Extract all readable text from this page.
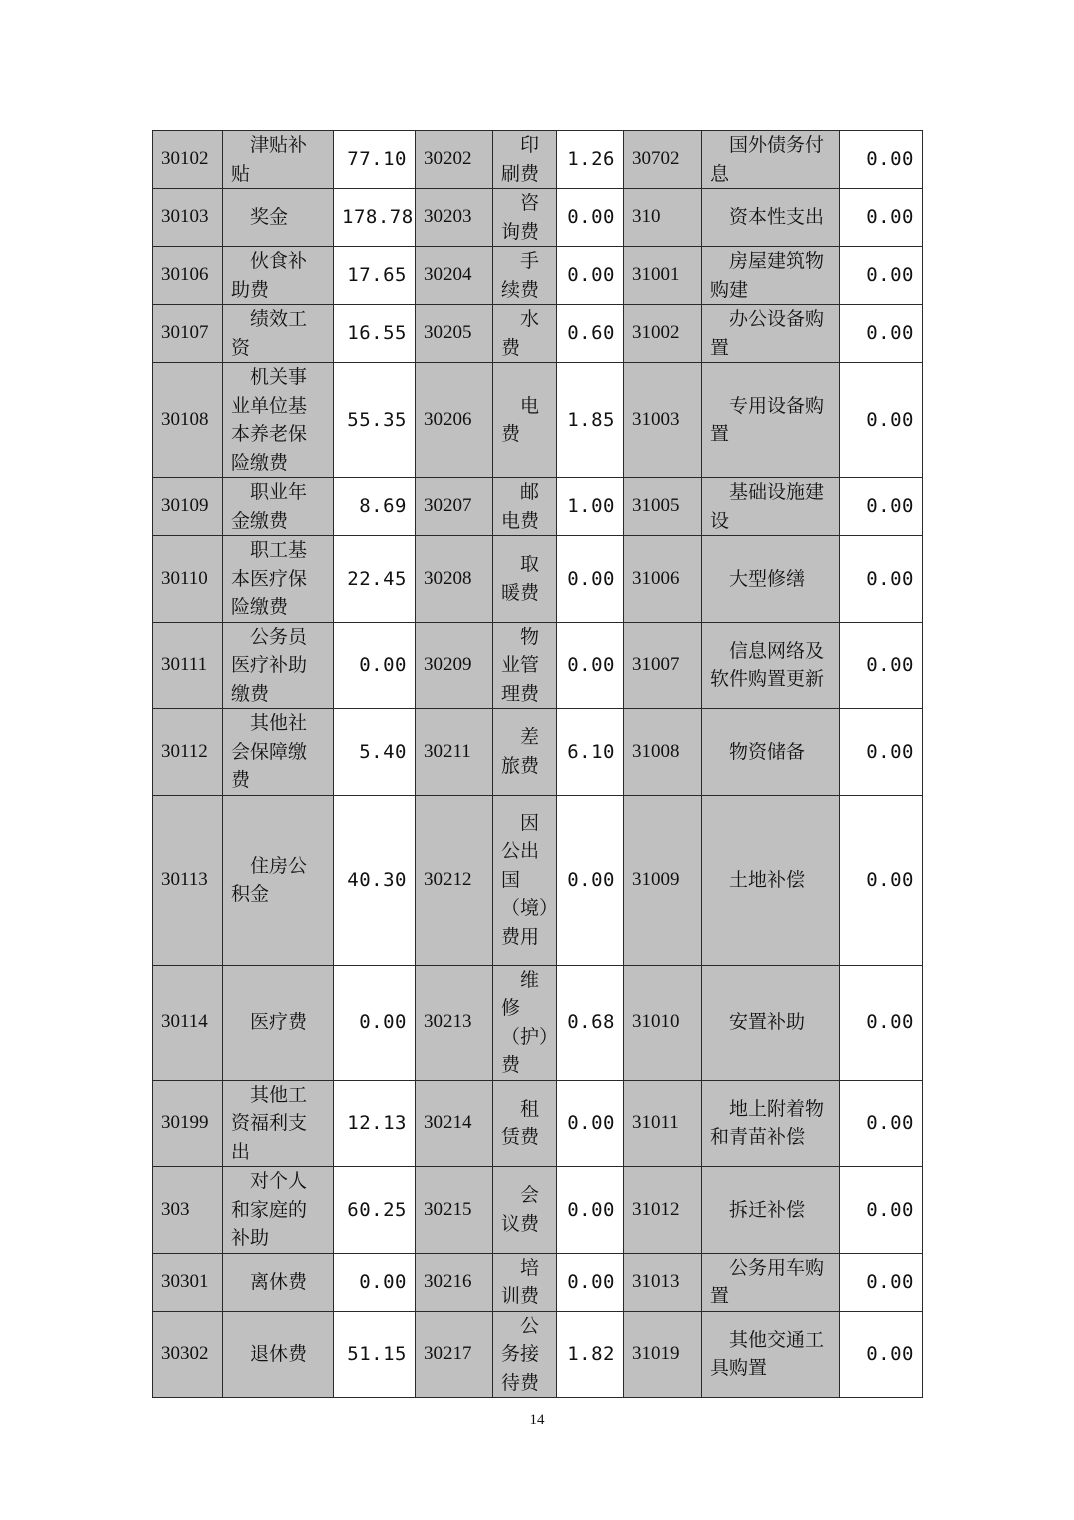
30102	津贴补贴	77.10	30202	印刷费	1.26	30702	国外债务付息	0.00
30103	奖金	178.78	30203	咨询费	0.00	310	资本性支出	0.00
30106	伙食补助费	17.65	30204	手续费	0.00	31001	房屋建筑物购建	0.00
30107	绩效工资	16.55	30205	水费	0.60	31002	办公设备购置	0.00
30108	机关事业单位基本养老保险缴费	55.35	30206	电费	1.85	31003	专用设备购置	0.00
30109	职业年金缴费	8.69	30207	邮电费	1.00	31005	基础设施建设	0.00
30110	职工基本医疗保险缴费	22.45	30208	取暖费	0.00	31006	大型修缮	0.00
30111	公务员医疗补助缴费	0.00	30209	物业管理费	0.00	31007	信息网络及软件购置更新	0.00
30112	其他社会保障缴费	5.40	30211	差旅费	6.10	31008	物资储备	0.00
30113	住房公积金	40.30	30212	因公出国（境）费用	0.00	31009	土地补偿	0.00
30114	医疗费	0.00	30213	维修（护）费	0.68	31010	安置补助	0.00
30199	其他工资福利支出	12.13	30214	租赁费	0.00	31011	地上附着物和青苗补偿	0.00
303	对个人和家庭的补助	60.25	30215	会议费	0.00	31012	拆迁补偿	0.00
30301	离休费	0.00	30216	培训费	0.00	31013	公务用车购置	0.00
30302	退休费	51.15	30217	公务接待费	1.82	31019	其他交通工具购置	0.00
14
